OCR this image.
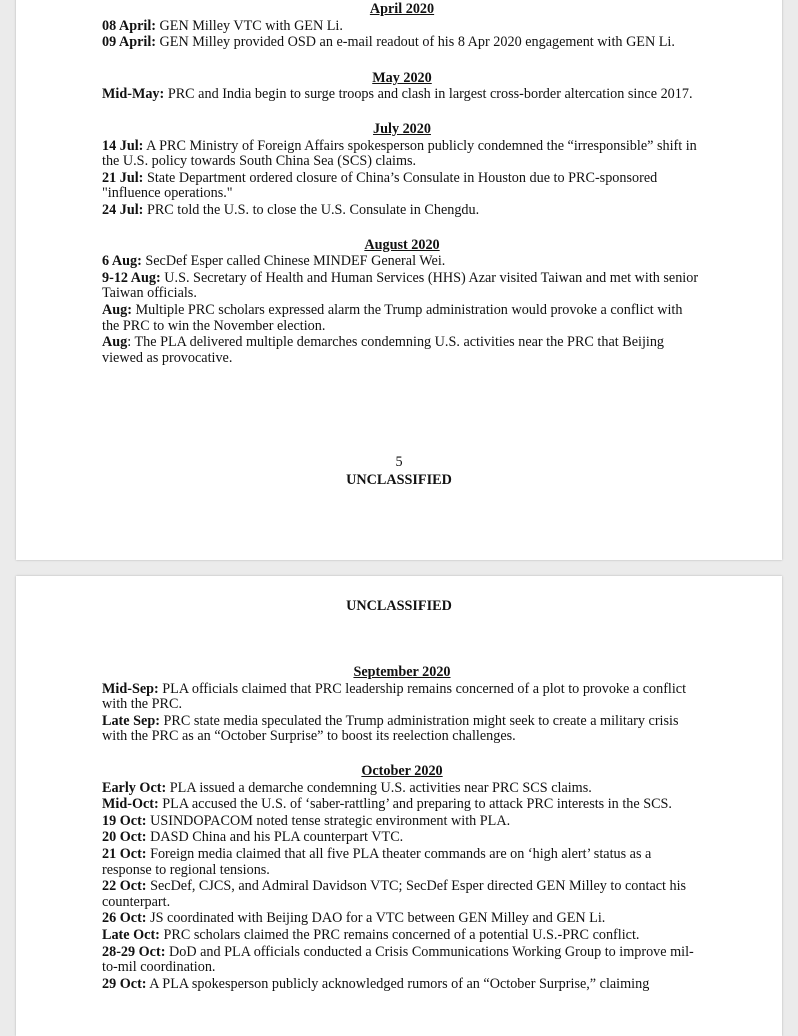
April 2020
08 April: GEN Milley VTC with GEN Li.
09 April: GEN Milley provided OSD an e-mail readout of his 8 Apr 2020 engagement with GEN Li.
May 2020
Mid-May: PRC and India begin to surge troops and clash in largest cross-border altercation since 2017.
July 2020
14 Jul: A PRC Ministry of Foreign Affairs spokesperson publicly condemned the “irresponsible” shift in the U.S. policy towards South China Sea (SCS) claims.
21 Jul: State Department ordered closure of China’s Consulate in Houston due to PRC-sponsored "influence operations."
24 Jul: PRC told the U.S. to close the U.S. Consulate in Chengdu.
August 2020
6 Aug: SecDef Esper called Chinese MINDEF General Wei.
9-12 Aug: U.S. Secretary of Health and Human Services (HHS) Azar visited Taiwan and met with senior Taiwan officials.
Aug: Multiple PRC scholars expressed alarm the Trump administration would provoke a conflict with the PRC to win the November election.
Aug: The PLA delivered multiple demarches condemning U.S. activities near the PRC that Beijing viewed as provocative.
5
UNCLASSIFIED
UNCLASSIFIED
September 2020
Mid-Sep: PLA officials claimed that PRC leadership remains concerned of a plot to provoke a conflict with the PRC.
Late Sep: PRC state media speculated the Trump administration might seek to create a military crisis with the PRC as an “October Surprise” to boost its reelection challenges.
October 2020
Early Oct: PLA issued a demarche condemning U.S. activities near PRC SCS claims.
Mid-Oct: PLA accused the U.S. of ‘saber-rattling’ and preparing to attack PRC interests in the SCS.
19 Oct: USINDOPACOM noted tense strategic environment with PLA.
20 Oct: DASD China and his PLA counterpart VTC.
21 Oct: Foreign media claimed that all five PLA theater commands are on ‘high alert’ status as a response to regional tensions.
22 Oct: SecDef, CJCS, and Admiral Davidson VTC; SecDef Esper directed GEN Milley to contact his counterpart.
26 Oct: JS coordinated with Beijing DAO for a VTC between GEN Milley and GEN Li.
Late Oct: PRC scholars claimed the PRC remains concerned of a potential U.S.-PRC conflict.
28-29 Oct: DoD and PLA officials conducted a Crisis Communications Working Group to improve mil-to-mil coordination.
29 Oct: A PLA spokesperson publicly acknowledged rumors of an “October Surprise,” claiming
